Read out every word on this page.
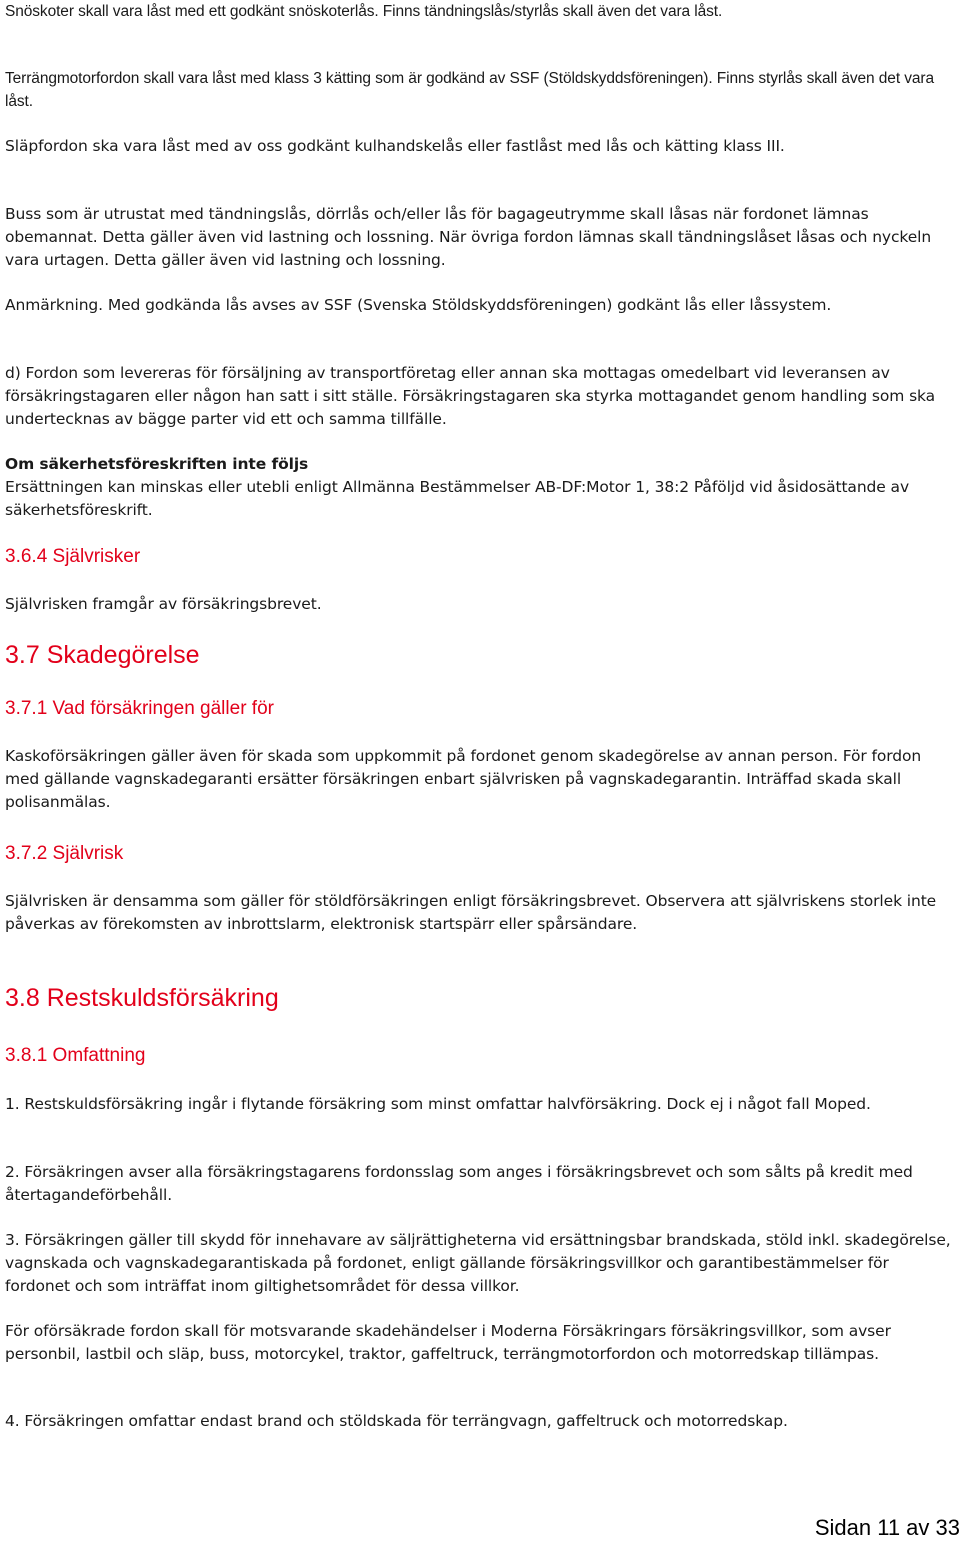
Snöskoter skall vara låst med ett godkänt snöskoterlås. Finns tändningslås/styrlås skall även det vara låst.

Terrängmotorfordon skall vara låst med klass 3 kätting som är godkänd av SSF (Stöldskyddsföreningen). Finns styrlås skall även det vara låst.

Släpfordon ska vara låst med av oss godkänt kulhandskelås eller fastlåst med lås och kätting klass III.

Buss som är utrustat med tändningslås, dörrlås och/eller lås för bagageutrymme skall låsas när fordonet lämnas obemannat. Detta gäller även vid lastning och lossning. När övriga fordon lämnas skall tändningslåset låsas och nyckeln vara urtagen. Detta gäller även vid lastning och lossning.

Anmärkning. Med godkända lås avses av SSF (Svenska Stöldskyddsföreningen) godkänt lås eller låssystem.

d) Fordon som levereras för försäljning av transportföretag eller annan ska mottagas omedelbart vid leveransen av försäkringstagaren eller någon han satt i sitt ställe. Försäkringstagaren ska styrka mottagandet genom handling som ska undertecknas av bägge parter vid ett och samma tillfälle.

Om säkerhetsföreskriften inte följs
Ersättningen kan minskas eller utebli enligt Allmänna Bestämmelser AB-DF:Motor 1, 38:2 Påföljd vid åsidosättande av säkerhetsföreskrift.

3.6.4 Självrisker

Självrisken framgår av försäkringsbrevet.

3.7 Skadegörelse
3.7.1 Vad försäkringen gäller för

Kaskoförsäkringen gäller även för skada som uppkommit på fordonet genom skadegörelse av annan person. För fordon med gällande vagnskadegaranti ersätter försäkringen enbart självrisken på vagnskadegarantin. Inträffad skada skall polisanmälas.

3.7.2 Självrisk

Självrisken är densamma som gäller för stöldförsäkringen enligt försäkringsbrevet. Observera att självriskens storlek inte påverkas av förekomsten av inbrottslarm, elektronisk startspärr eller spårsändare.

3.8 Restskuldsförsäkring
3.8.1 Omfattning

1. Restskuldsförsäkring ingår i flytande försäkring som minst omfattar halvförsäkring. Dock ej i något fall Moped.

2. Försäkringen avser alla försäkringstagarens fordonsslag som anges i försäkringsbrevet och som sålts på kredit med återtagandeförbehåll.

3. Försäkringen gäller till skydd för innehavare av säljrättigheterna vid ersättningsbar brandskada, stöld inkl. skadegörelse, vagnskada och vagnskadegarantiskada på fordonet, enligt gällande försäkringsvillkor och garantibestämmelser för fordonet och som inträffat inom giltighetsområdet för dessa villkor.

För oförsäkrade fordon skall för motsvarande skadehändelser i Moderna Försäkringars försäkringsvillkor, som avser personbil, lastbil och släp, buss, motorcykel, traktor, gaffeltruck, terrängmotorfordon och motorredskap tillämpas.

4. Försäkringen omfattar endast brand och stöldskada för terrängvagn, gaffeltruck och motorredskap.

Sidan 11 av 33
